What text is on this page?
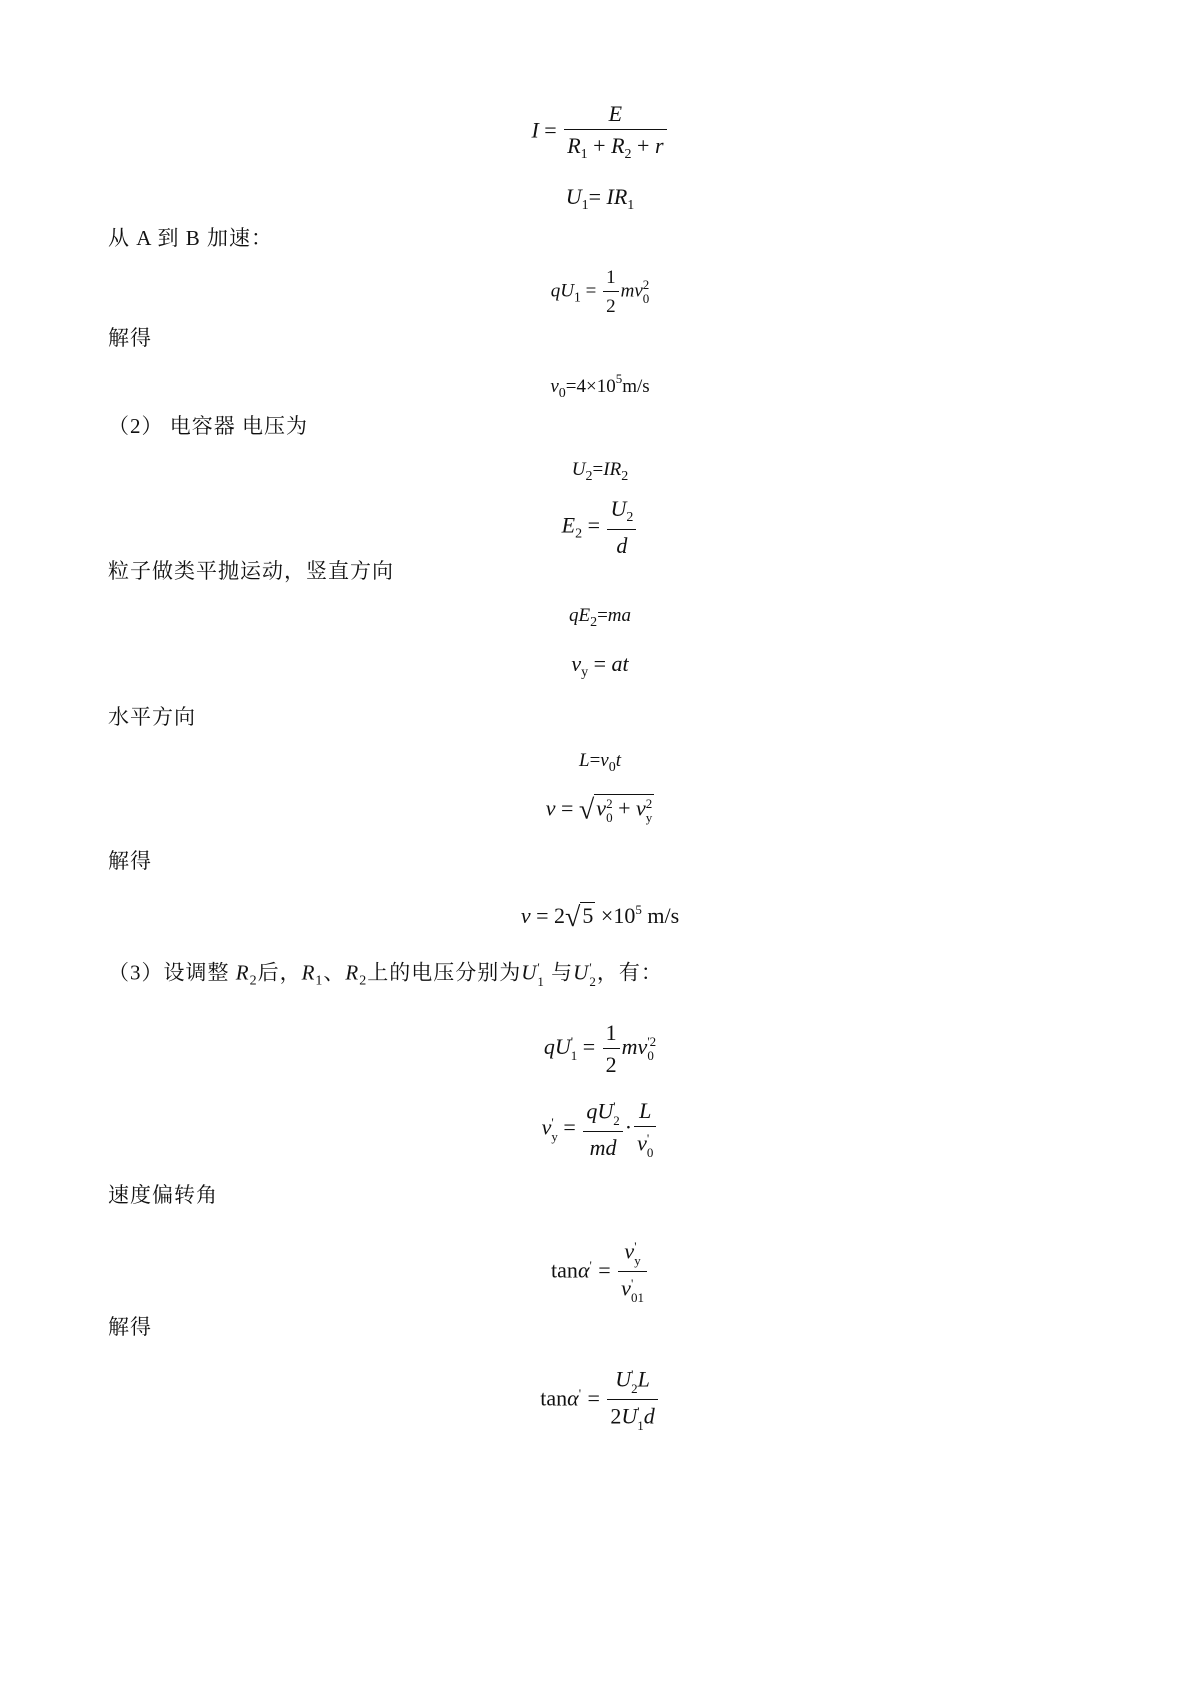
$I = \frac{E}{R_1 + R_2 + r}$
$U_1= IR_1$
从 A 到 B 加速：
$qU_1 = \frac{1}{2}$ mv 2
0
解得
$v_0=4\times 10^5m/s$
（2） 电容器 电压为
$U_2=IR_2$
$E_2 = \frac{U_2}{d}$
粒子做类平抛运动，竖直方向
$qE_2=ma$
$v_y$ = at
水平方向
$L=v_0t$
v = √v 2
0 + v 2
y
解得
$v = 2√5 \times 10^5$ m/s
（3）设调整 $R_2$后，$R_1$、$R_2$上的电压分别为U '
1 与U '
2 ，有：
qU '
$1 = \frac{1}{2}$ mv '2
0
v '
y = qU '
2
md · L
v '
0
速度偏转角
tanα '
= v '
y
v '
01
解得
tanα '
= U '
2 L
2U '
1 d
